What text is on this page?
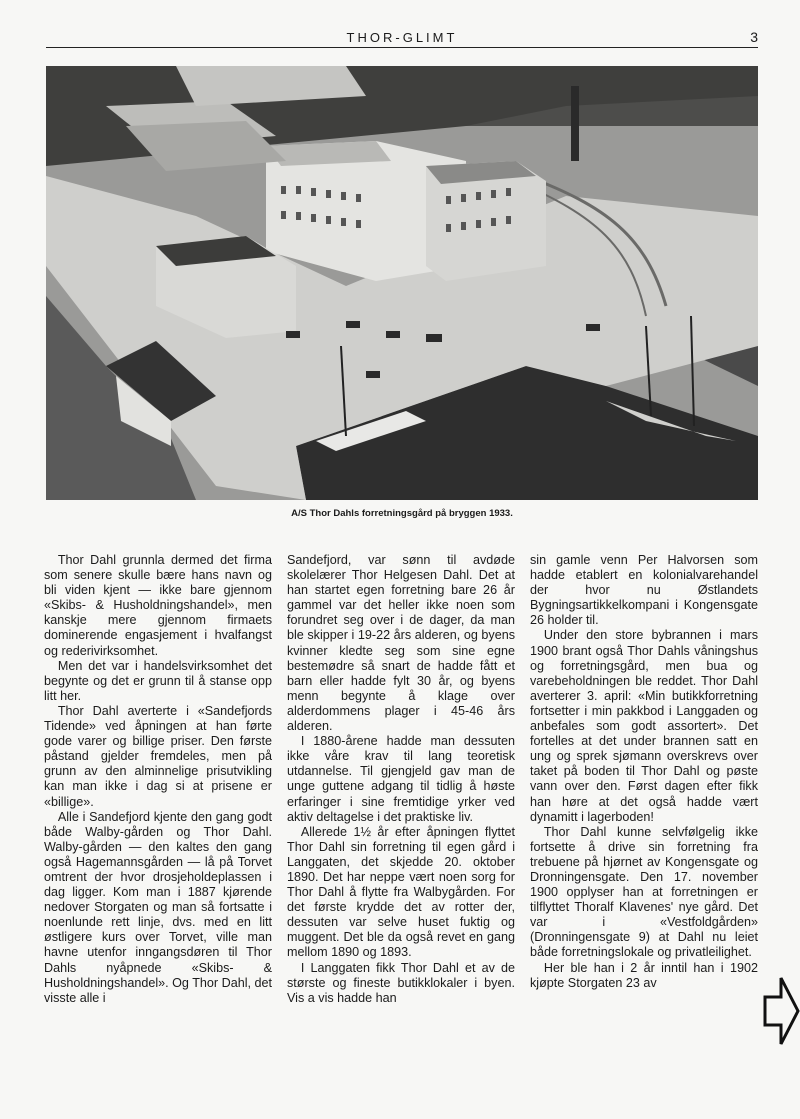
THOR-GLIMT	3
A/S Thor Dahls forretningsgård på bryggen 1933.

Thor Dahl grunnla dermed det firma som senere skulle bære hans navn og bli viden kjent — ikke bare gjennom «Skibs- & Husholdningshandel», men kanskje mere gjennom firmaets dominerende engasjement i hvalfangst og rederivirksomhet.

Men det var i handelsvirksomhet det begynte og det er grunn til å stanse opp litt her.

Thor Dahl averterte i «Sandefjords Tidende» ved åpningen at han førte gode varer og billige priser. Den første påstand gjelder fremdeles, men på grunn av den alminnelige prisutvikling kan man ikke i dag si at prisene er «billige».

Alle i Sandefjord kjente den gang godt både Walby-gården og Thor Dahl. Walby-gården — den kaltes den gang også Hagemannsgården — lå på Torvet omtrent der hvor drosjeholdeplassen i dag ligger. Kom man i 1887 kjørende nedover Storgaten og man så fortsatte i noenlunde rett linje, dvs. med en litt østligere kurs over Torvet, ville man havne utenfor inngangsdøren til Thor Dahls nyåpnede «Skibs- & Husholdningshandel». Og Thor Dahl, det visste alle i

Sandefjord, var sønn til avdøde skolelærer Thor Helgesen Dahl. Det at han startet egen forretning bare 26 år gammel var det heller ikke noen som forundret seg over i de dager, da man ble skipper i 19-22 års alderen, og byens kvinner kledte seg som sine egne bestemødre så snart de hadde fått et barn eller hadde fylt 30 år, og byens menn begynte å klage over alderdommens plager i 45-46 års alderen.

I 1880-årene hadde man dessuten ikke våre krav til lang teoretisk utdannelse. Til gjengjeld gav man de unge guttene adgang til tidlig å høste erfaringer i sine fremtidige yrker ved aktiv deltagelse i det praktiske liv.

Allerede 1½ år efter åpningen flyttet Thor Dahl sin forretning til egen gård i Langgaten, det skjedde 20. oktober 1890. Det har neppe vært noen sorg for Thor Dahl å flytte fra Walbygården. For det første krydde det av rotter der, dessuten var selve huset fuktig og muggent. Det ble da også revet en gang mellom 1890 og 1893.

I Langgaten fikk Thor Dahl et av de største og fineste butikklokaler i byen. Vis a vis hadde han

sin gamle venn Per Halvorsen som hadde etablert en kolonialvarehandel der hvor nu Østlandets Bygningsartikkelkompani i Kongensgate 26 holder til.

Under den store bybrannen i mars 1900 brant også Thor Dahls våningshus og forretningsgård, men bua og varebeholdningen ble reddet. Thor Dahl averterer 3. april: «Min butikkforretning fortsetter i min pakkbod i Langgaden og anbefales som godt assortert». Det fortelles at det under brannen satt en ung og sprek sjømann overskrevs over taket på boden til Thor Dahl og pøste vann over den. Først dagen efter fikk han høre at det også hadde vært dynamitt i lagerboden!

Thor Dahl kunne selvfølgelig ikke fortsette å drive sin forretning fra trebuene på hjørnet av Kongensgate og Dronningensgate. Den 17. november 1900 opplyser han at forretningen er tilflyttet Thoralf Klavenes' nye gård. Det var i «Vestfoldgården» (Dronningensgate 9) at Dahl nu leiet både forretningslokale og privatleilighet.

Her ble han i 2 år inntil han i 1902 kjøpte Storgaten 23 av
